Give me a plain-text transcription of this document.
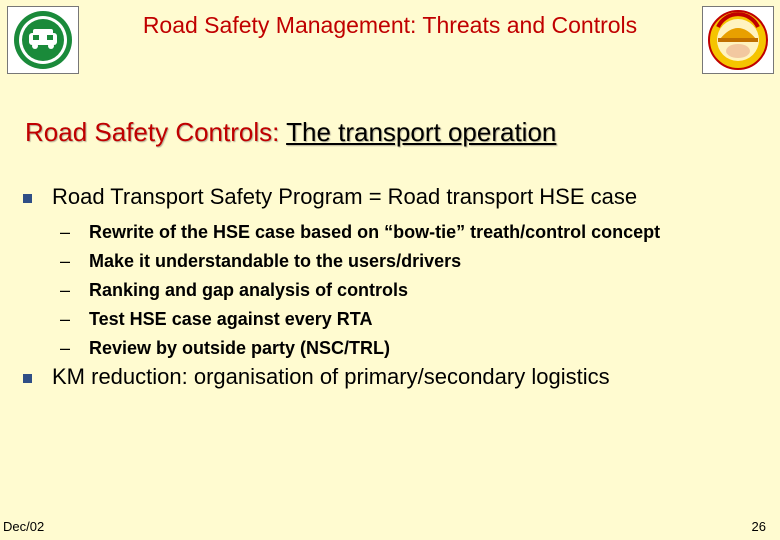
Road Safety Management: Threats and Controls
Road Safety Controls: The transport operation
Road Transport Safety Program = Road transport HSE case
–	Rewrite of the HSE case based on “bow-tie” treath/control concept
–	Make it understandable to the users/drivers
–	Ranking and gap analysis of controls
–	Test HSE case against every RTA
–	Review by outside party (NSC/TRL)
KM reduction: organisation of primary/secondary logistics
Dec/02	26
